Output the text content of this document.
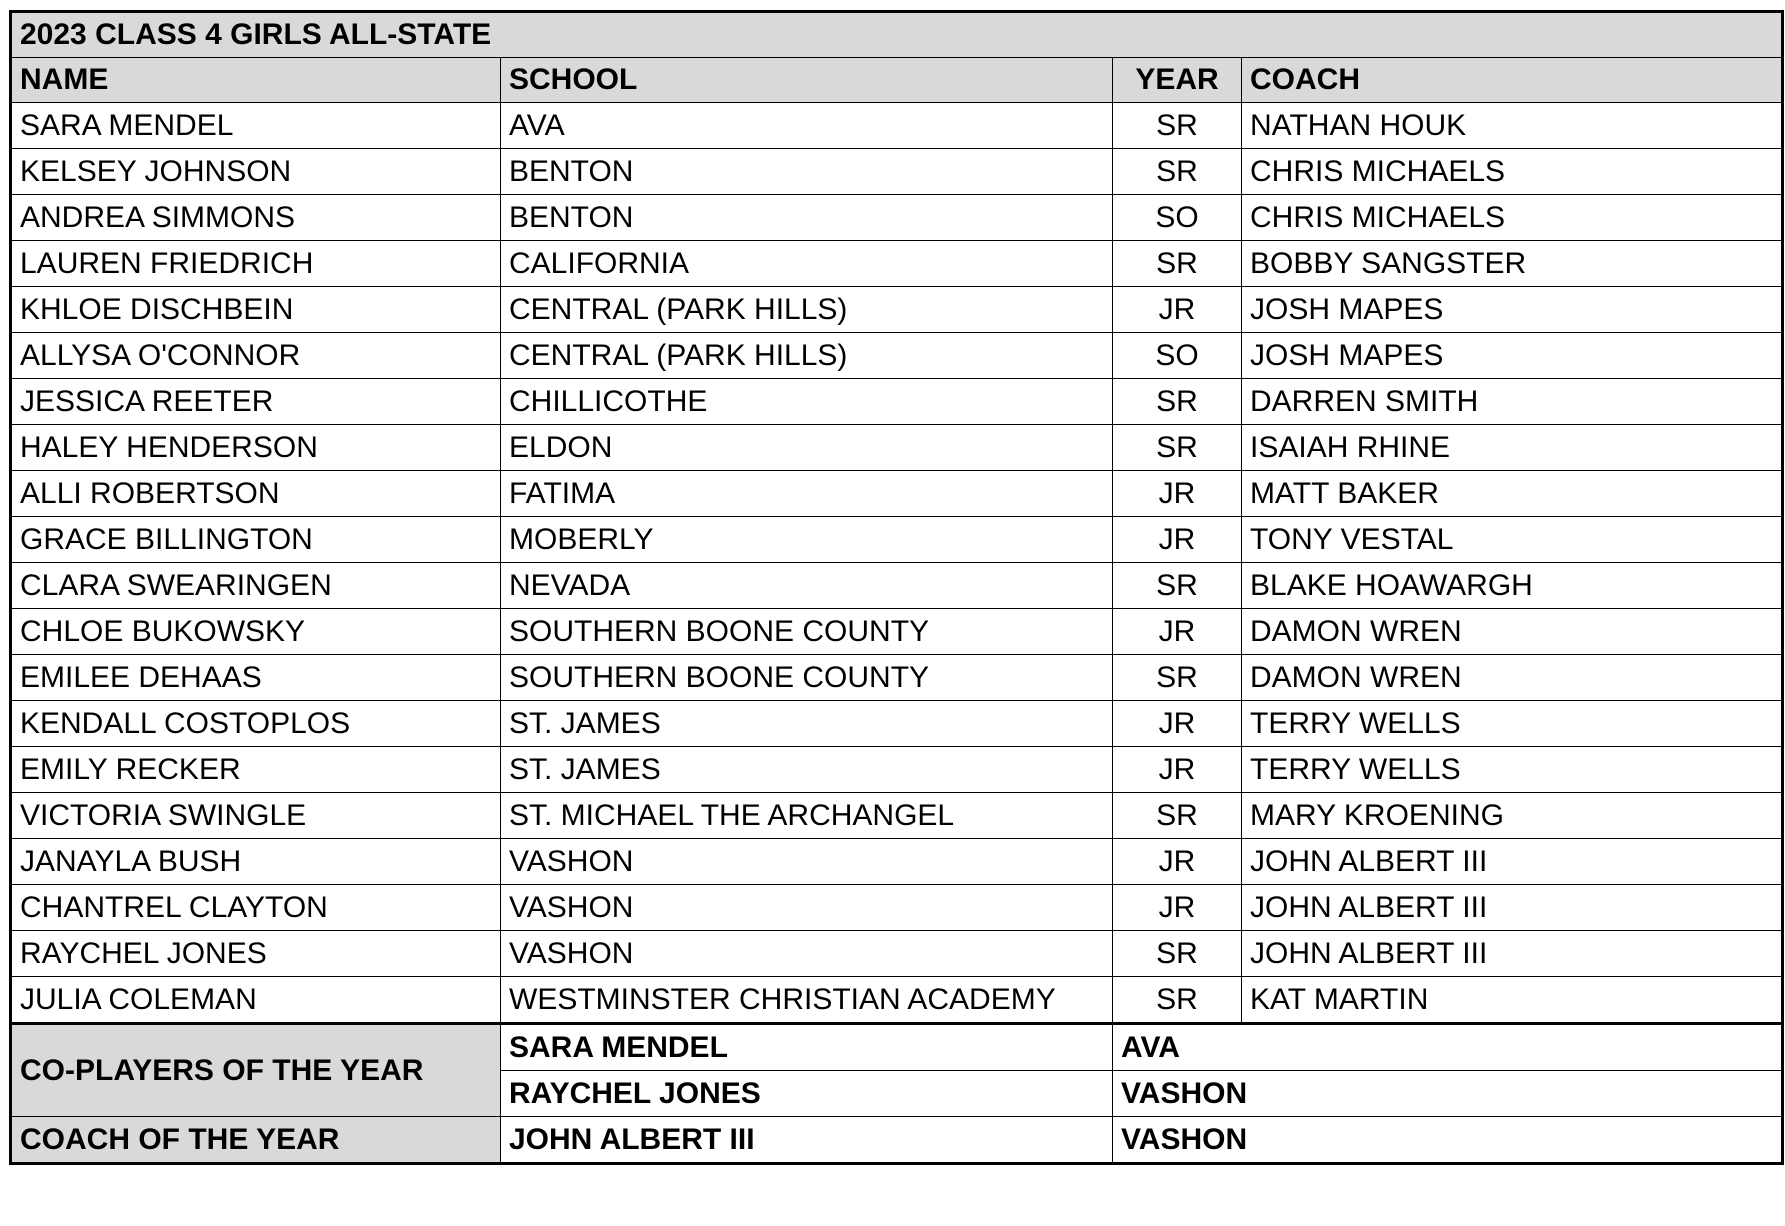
2023 CLASS 4 GIRLS ALL-STATE			
NAME	SCHOOL	YEAR	COACH
SARA MENDEL	AVA	SR	NATHAN HOUK
KELSEY JOHNSON	BENTON	SR	CHRIS MICHAELS
ANDREA SIMMONS	BENTON	SO	CHRIS MICHAELS
LAUREN FRIEDRICH	CALIFORNIA	SR	BOBBY SANGSTER
KHLOE DISCHBEIN	CENTRAL (PARK HILLS)	JR	JOSH MAPES
ALLYSA O'CONNOR	CENTRAL (PARK HILLS)	SO	JOSH MAPES
JESSICA REETER	CHILLICOTHE	SR	DARREN SMITH
HALEY HENDERSON	ELDON	SR	ISAIAH RHINE
ALLI ROBERTSON	FATIMA	JR	MATT BAKER
GRACE BILLINGTON	MOBERLY	JR	TONY VESTAL
CLARA SWEARINGEN	NEVADA	SR	BLAKE HOAWARGH
CHLOE BUKOWSKY	SOUTHERN BOONE COUNTY	JR	DAMON WREN
EMILEE DEHAAS	SOUTHERN BOONE COUNTY	SR	DAMON WREN
KENDALL COSTOPLOS	ST. JAMES	JR	TERRY WELLS
EMILY RECKER	ST. JAMES	JR	TERRY WELLS
VICTORIA SWINGLE	ST. MICHAEL THE ARCHANGEL	SR	MARY KROENING
JANAYLA BUSH	VASHON	JR	JOHN ALBERT III
CHANTREL CLAYTON	VASHON	JR	JOHN ALBERT III
RAYCHEL JONES	VASHON	SR	JOHN ALBERT III
JULIA COLEMAN	WESTMINSTER CHRISTIAN ACADEMY	SR	KAT MARTIN
CO-PLAYERS OF THE YEAR	SARA MENDEL	AVA	
	RAYCHEL JONES	VASHON	
COACH OF THE YEAR	JOHN ALBERT III	VASHON	
